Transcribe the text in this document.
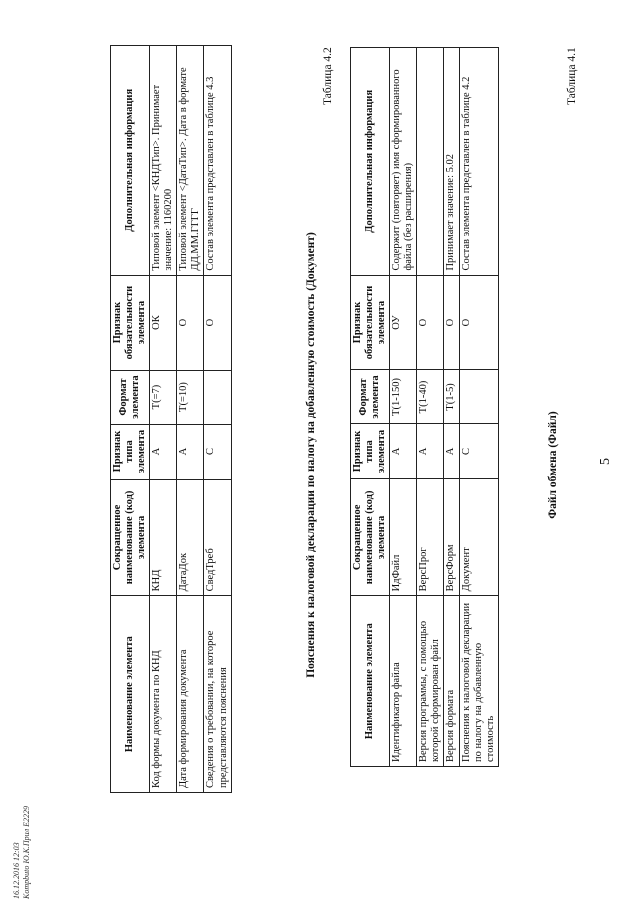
16.12.2016 12:03 Kompbuto Ю.К.Прил E2229
5
Таблица 4.1
Файл обмена (Файл)
Наименование элемента	Сокращенное наименование (код) элемента	Признак типа элемента	Формат элемента	Признак обязательности элемента	Дополнительная информация
Идентификатор файла	ИдФайл	А	T(1-150)	ОУ	Содержит (повторяет) имя сформированного файла (без расширения)
Версия программы, с помощью которой сформирован файл	ВерсПрог	А	T(1-40)	О	
Версия формата	ВерсФорм	А	T(1-5)	О	Принимает значение: 5.02
Пояснения к налоговой декларации по налогу на добавленную стоимость	Документ	С		О	Состав элемента представлен в таблице 4.2
Таблица 4.2
Пояснения к налоговой декларации по налогу на добавленную стоимость (Документ)
Наименование элемента	Сокращенное наименование (код) элемента	Признак типа элемента	Формат элемента	Признак обязательности элемента	Дополнительная информация
Код формы документа по КНД	КНД	А	T(=7)	ОК	Типовой элемент <КНДТип>. Принимает значение: 1160200
Дата формирования документа	ДатаДок	А	T(=10)	О	Типовой элемент <ДатаТип>. Дата в формате ДД.ММ.ГГГГ
Сведения о требовании, на которое представляются пояснения	СведТреб	С		О	Состав элемента представлен в таблице 4.3
